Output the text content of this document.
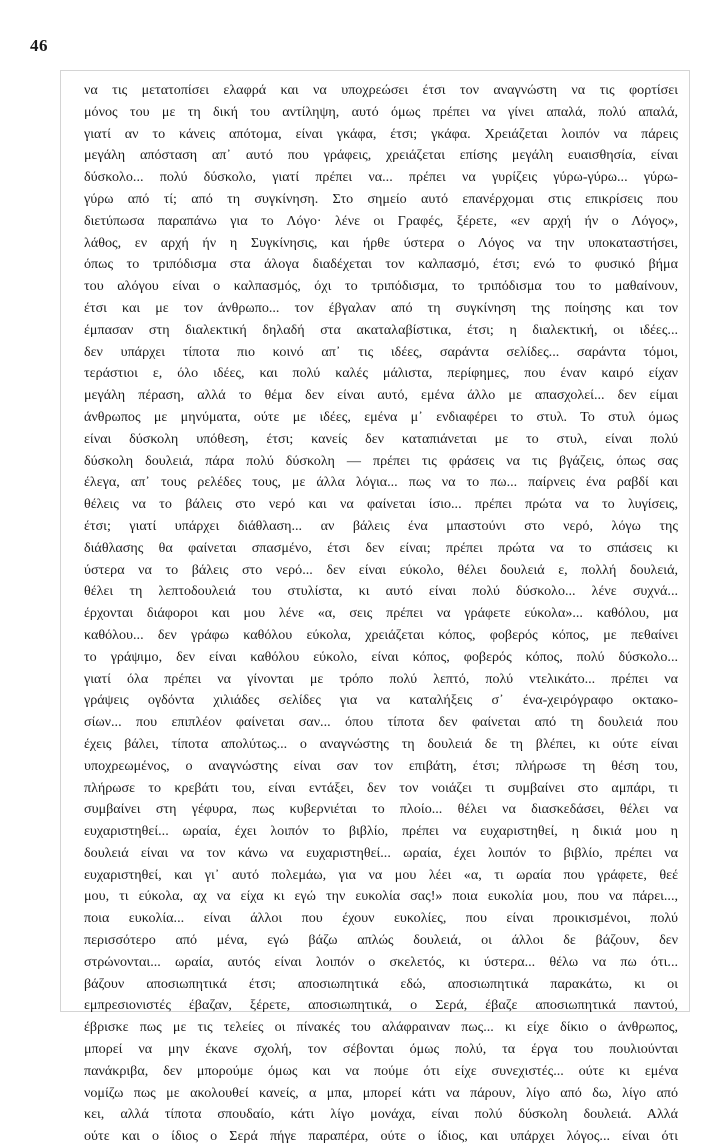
46
να τις μετατοπίσει ελαφρά και να υποχρεώσει έτσι τον αναγνώστη να τις φορτίσει
μόνος του με τη δική του αντίληψη, αυτό όμως πρέπει να γίνει απαλά, πολύ απαλά,
γιατί αν το κάνεις απότομα, είναι γκάφα, έτσι; γκάφα. Χρειάζεται λοιπόν να πάρεις
μεγάλη απόσταση απ᾽ αυτό που γράφεις, χρειάζεται επίσης μεγάλη ευαισθησία, είναι
δύσκολο... πολύ δύσκολο, γιατί πρέπει να... πρέπει να γυρίζεις γύρω-γύρω... γύρω-
γύρω από τί; από τη συγκίνηση. Στο σημείο αυτό επανέρχομαι στις επικρίσεις που
διετύπωσα παραπάνω για το Λόγο· λένε οι Γραφές, ξέρετε, «εν αρχή ήν ο Λόγος»,
λάθος, εν αρχή ήν η Συγκίνησις, και ήρθε ύστερα ο Λόγος να την υποκαταστήσει,
όπως το τριπόδισμα στα άλογα διαδέχεται τον καλπασμό, έτσι; ενώ το φυσικό βήμα
του αλόγου είναι ο καλπασμός, όχι το τριπόδισμα, το τριπόδισμα του το μαθαίνουν,
έτσι και με τον άνθρωπο... τον έβγαλαν από τη συγκίνηση της ποίησης και τον
έμπασαν στη διαλεκτική δηλαδή στα ακαταλαβίστικα, έτσι; η διαλεκτική, οι ιδέες...
δεν υπάρχει τίποτα πιο κοινό απ᾽ τις ιδέες, σαράντα σελίδες... σαράντα τόμοι,
τεράστιοι ε, όλο ιδέες, και πολύ καλές μάλιστα, περίφημες, που έναν καιρό είχαν
μεγάλη πέραση, αλλά το θέμα δεν είναι αυτό, εμένα άλλο με απασχολεί... δεν είμαι
άνθρωπος με μηνύματα, ούτε με ιδέες, εμένα μ᾽ ενδιαφέρει το στυλ. Το στυλ όμως
είναι δύσκολη υπόθεση, έτσι; κανείς δεν καταπιάνεται με το στυλ, είναι πολύ
δύσκολη δουλειά, πάρα πολύ δύσκολη — πρέπει τις φράσεις να τις βγάζεις, όπως σας
έλεγα, απ᾽ τους ρελέδες τους, με άλλα λόγια... πως να το πω... παίρνεις ένα ραβδί και
θέλεις να το βάλεις στο νερό και να φαίνεται ίσιο... πρέπει πρώτα να το λυγίσεις,
έτσι; γιατί υπάρχει διάθλαση... αν βάλεις ένα μπαστούνι στο νερό, λόγω της
διάθλασης θα φαίνεται σπασμένο, έτσι δεν είναι; πρέπει πρώτα να το σπάσεις κι
ύστερα να το βάλεις στο νερό... δεν είναι εύκολο, θέλει δουλειά ε, πολλή δουλειά,
θέλει τη λεπτοδουλειά του στυλίστα, κι αυτό είναι πολύ δύσκολο... λένε συχνά...
έρχονται διάφοροι και μου λένε «α, σεις πρέπει να γράφετε εύκολα»... καθόλου, μα
καθόλου... δεν γράφω καθόλου εύκολα, χρειάζεται κόπος, φοβερός κόπος, με πεθαίνει
το γράψιμο, δεν είναι καθόλου εύκολο, είναι κόπος, φοβερός κόπος, πολύ δύσκολο...
γιατί όλα πρέπει να γίνονται με τρόπο πολύ λεπτό, πολύ ντελικάτο... πρέπει να
γράψεις ογδόντα χιλιάδες σελίδες για να καταλήξεις σ᾽ ένα-χειρόγραφο οκτακο-
σίων... που επιπλέον φαίνεται σαν... όπου τίποτα δεν φαίνεται από τη δουλειά που
έχεις βάλει, τίποτα απολύτως... ο αναγνώστης τη δουλειά δε τη βλέπει, κι ούτε είναι
υποχρεωμένος, ο αναγνώστης είναι σαν τον επιβάτη, έτσι; πλήρωσε τη θέση του,
πλήρωσε το κρεβάτι του, είναι εντάξει, δεν τον νοιάζει τι συμβαίνει στο αμπάρι, τι
συμβαίνει στη γέφυρα, πως κυβερνιέται το πλοίο... θέλει να διασκεδάσει, θέλει να
ευχαριστηθεί... ωραία, έχει λοιπόν το βιβλίο, πρέπει να ευχαριστηθεί, η δικιά μου η
δουλειά είναι να τον κάνω να ευχαριστηθεί... ωραία, έχει λοιπόν το βιβλίο, πρέπει να
ευχαριστηθεί, και γι᾽ αυτό πολεμάω, για να μου λέει «α, τι ωραία που γράφετε, θεέ
μου, τι εύκολα, αχ να είχα κι εγώ την ευκολία σας!» ποια ευκολία μου, που να πάρει...,
ποια ευκολία... είναι άλλοι που έχουν ευκολίες, που είναι προικισμένοι, πολύ
περισσότερο από μένα, εγώ βάζω απλώς δουλειά, οι άλλοι δε βάζουν, δεν
στρώνονται... ωραία, αυτός είναι λοιπόν ο σκελετός, κι ύστερα... θέλω να πω ότι...
βάζουν αποσιωπητικά έτσι; αποσιωπητικά εδώ, αποσιωπητικά παρακάτω, κι οι
εμπρεσιονιστές έβαζαν, ξέρετε, αποσιωπητικά, ο Σερά, έβαζε αποσιωπητικά παντού,
έβρισκε πως με τις τελείες οι πίνακές του αλάφραιναν πως... κι είχε δίκιο ο άνθρωπος,
μπορεί να μην έκανε σχολή, τον σέβονται όμως πολύ, τα έργα του πουλιούνται
πανάκριβα, δεν μπορούμε όμως και να πούμε ότι είχε συνεχιστές... ούτε κι εμένα
νομίζω πως με ακολουθεί κανείς, α μπα, μπορεί κάτι να πάρουν, λίγο από δω, λίγο από
κει, αλλά τίποτα σπουδαίο, κάτι λίγο μονάχα, είναι πολύ δύσκολη δουλειά. Αλλά
ούτε και ο ίδιος ο Σερά πήγε παραπέρα, ούτε ο ίδιος, και υπάρχει λόγος... είναι ότι
